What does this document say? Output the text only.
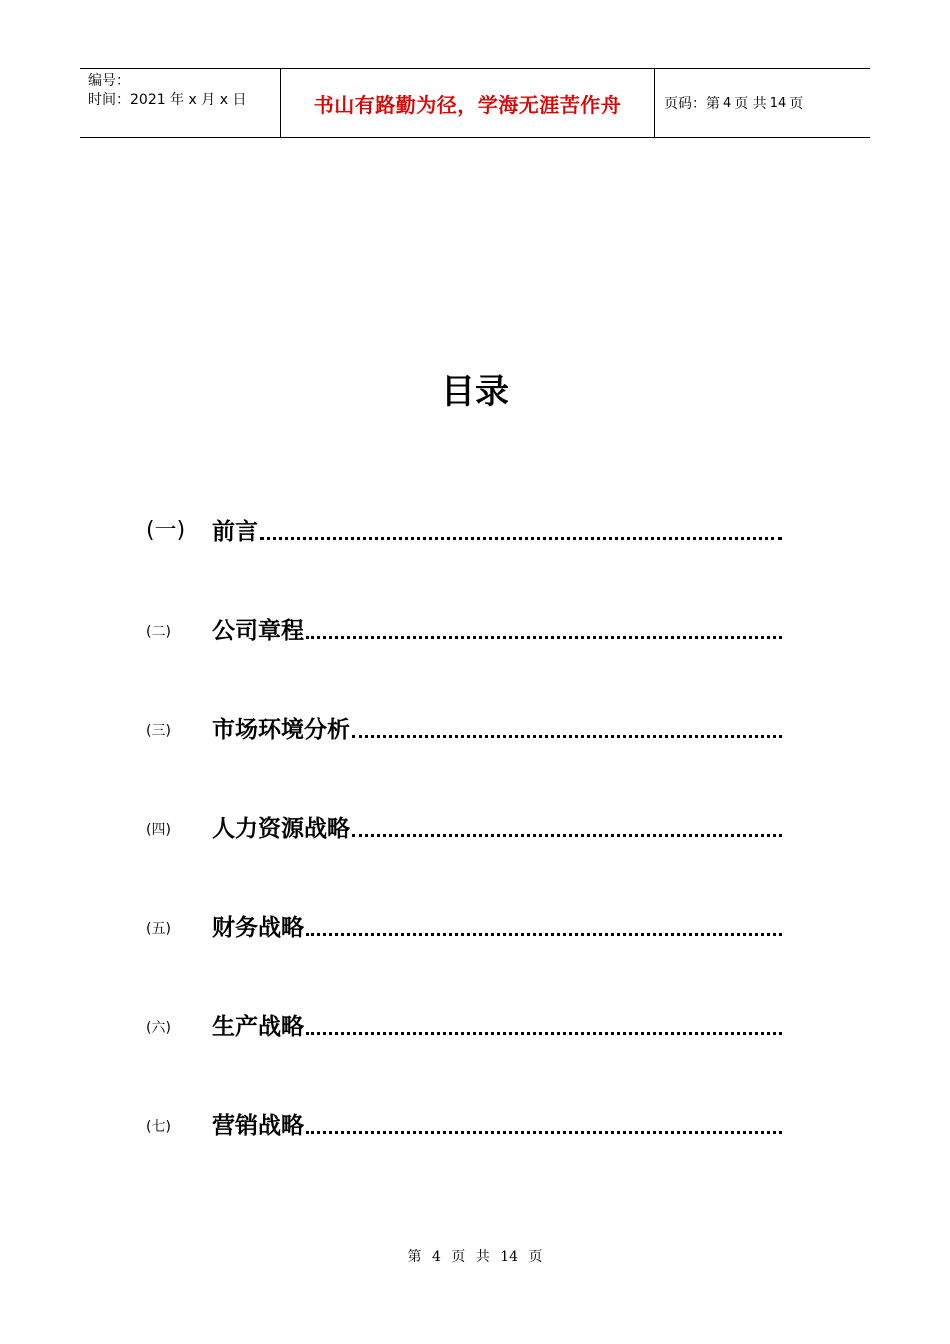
编号：
时间：2021 年 x 月 x 日	书山有路勤为径，学海无涯苦作舟	页码：第 4 页 共 14 页
目录
(一)	前言
(二)	公司章程
(三)	市场环境分析
(四)	人力资源战略
(五)	财务战略
(六)	生产战略
(七)	营销战略
第 4 页 共 14 页
